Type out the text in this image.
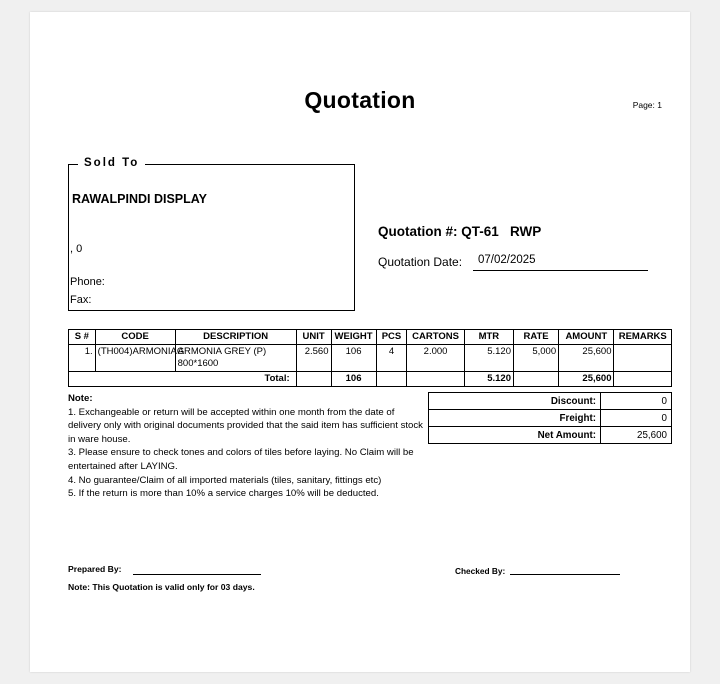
Quotation	Page: 1
Sold To
RAWALPINDI DISPLAY
, 0
Phone:
Fax:
Quotation #: QT-61   RWP
Quotation Date: 07/02/2025
S #	CODE	DESCRIPTION	UNIT	WEIGHT	PCS	CARTONS	MTR	RATE	AMOUNT	REMARKS
1.	(TH004)ARMONIAG	ARMONIA GREY (P) 800*1600	2.560	106	4	2.000	5.120	5,000	25,600	
Total:				106			5.120		25,600	
Note:
1. Exchangeable or return will be accepted within one month from the date of
delivery only with original documents provided that the said item has sufficient stock in ware house.
3. Please ensure to check tones and colors of tiles before laying. No Claim will be entertained after LAYING.
4. No guarantee/Claim of all imported materials (tiles, sanitary, fittings etc)
5. If the return is more than 10% a service charges 10% will be deducted.
Discount:	0
Freight:	0
Net Amount:	25,600
Prepared By:	Checked By:
Note: This Quotation is valid only for 03 days.
